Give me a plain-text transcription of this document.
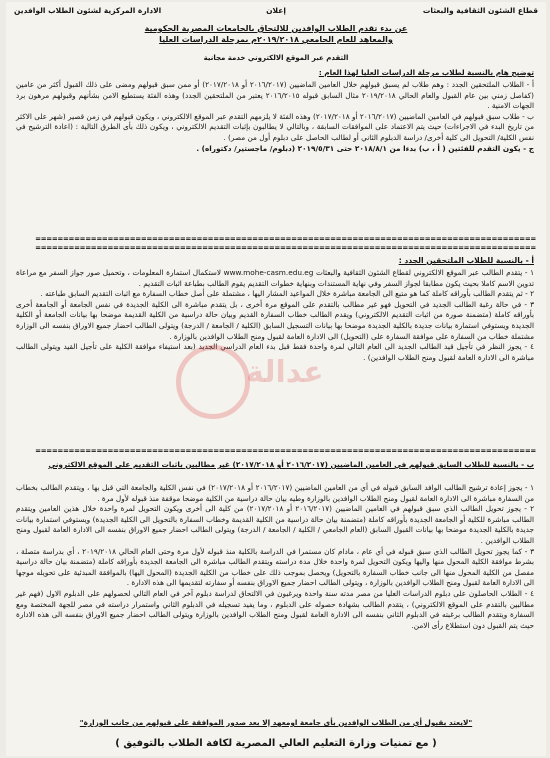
قطاع الشئون الثقافية والبعثات
إعلان
الادارة المركزية لشئون الطلاب الوافدين
عن بدء تقدم الطلاب الوافدين للالتحاق بالجامعات المصرية الحكومية
والمعاهد للعام الجامعي ٢٠١٩/٢٠١٨م بمرحلة الدراسات العليا
التقدم عبر الموقع الالكتروني خدمة مجانية
توضيح هام بالنسبة لطلاب مرحلة الدراسات العليا لهذا العام :

أ - الطلاب الملتحقين الجدد : وهم طلاب لم يسبق قبولهم خلال العامين الماضيين (٢٠١٦/٢٠١٧ أو ٢٠١٧/٢٠١٨) أو ممن سبق قبولهم ومضى على ذلك القبول أكثر من عامين (كفاصل زمني بين عام القبول والعام الحالي ٢٠١٩/٢٠١٨ مثال السابق قبوله ٢٠١٦/٢٠١٥ يعتبر من الملتحقين الجدد) وهذه الفئة يستطيع الامن بشأنهم وقبولهم مرهون برد الجهات الامنية .

ب - طلاب سبق قبولهم في العامين الماضيين (٢٠١٦/٢٠١٧ أو ٢٠١٧/٢٠١٨) وهذه الفئة لا يلزمهم التقدم عبر الموقع الالكتروني ، ويكون قبولهم في زمن قصير (شهر على الاكثر من تاريخ البدء في الاجراءات) حيث يتم الاعتماد على الموافقات السابقة ، وبالتالي لا يطالبون بإثبات التقديم الالكتروني ، ويكون ذلك بأى الطرق التالية : (اعادة الترشيح في نفس الكلية/ التحويل الى كلية أخرى/ دراسة الدبلوم الثاني أو لطالب الحاصل على دبلوم أول من مصر) .

ج - يكون التقدم للفئتين ( أ ، ب) بدءا من ٢٠١٨/٨/١ حتى ٢٠١٩/٥/٣١ (دبلوم/ ماجستير/ دكتوراه) .

==========================================================================================
==========================================================================================
أ - بالنسبة للطلاب الملتحقين الجدد :

١ - يتقدم الطالب عبر الموقع الالكتروني لقطاع الشئون الثقافية والبعثات www.mohe-casm.edu.eg لاستكمال استمارة المعلومات ، وتحميل صور جواز السفر مع مراعاة تدوين الاسم كاملا بحيث يكون مطابقا لجواز السفر وفي نهاية المستندات وبنهاية خطوات التقديم يقوم الطالب بطباعة اثبات التقديم .

٢ - ثم يتقدم الطالب بأوراقه كاملة كما هو متبع الى الجامعة مباشرة خلال المواعيد المشار اليها ، مشتملة على أصل خطاب السفارة مع اثبات التقديم السابق طباعته .

٣ - في حالة رغبة الطالب الجديد في التحويل فهو غير مطالب بالتقدم على الموقع مرة أخرى ، بل يتقدم مباشرة الى الكلية الجديدة في نفس الجامعة أو الجامعة أخرى بأوراقه كاملة (متضمنة صورة من اثبات التقديم الالكتروني) ويقدم الطالب خطاب السفارة القديم وبيان حالة دراسية من الكلية القديمة موضحا بها بيانات الجامعة أو الكلية الجديدة ويستوفي استمارة بيانات جديدة بالكلية الجديدة موضحا بها بيانات التسجيل السابق (الكلية / الجامعة / الدرجة) ويتولى الطالب احضار جميع الاوراق بنفسه الى الوزارة مشتملة خطاب من السفارة على موافقة السفارة على (التحويل) الى الادارة العامة لقبول ومنح الطلاب الوافدين بالوزارة .

٤ - يجوز النظر في تأجيل قيد الطالب الجديد الى العام التالي لمرة واحدة فقط قبل بدء العام الدراسي الجديد (بعد استيفاء موافقة الكلية على تأجيل القيد ويتولى الطالب مباشرة الى الادارة العامة لقبول ومنح الطلاب الوافدين) .

عدالة
==========================================================================================
ب - بالنسبة للطلاب السابق قبولهم في العامين الماضيين (٢٠١٦/٢٠١٧ أو ٢٠١٧/٢٠١٨) غير مطالبين باثبات التقديم على الموقع الالكتروني

١ - يجوز إعادة ترشيح الطالب الوافد السابق قبوله في أي من العامين الماضيين (٢٠١٦/٢٠١٧ أو ٢٠١٧/٢٠١٨) في نفس الكلية والجامعة التي قبل بها ، ويتقدم الطالب بخطاب من السفارة مباشرة الى الادارة العامة لقبول ومنح الطلاب الوافدين بالوزارة وطيه بيان حالة دراسية من الكلية موضحا موقفة منذ قبوله لأول مرة .

٢ - يجوز تحويل الطالب الذي سبق قبولهم في العامين الماضيين (٢٠١٦/٢٠١٧ أو ٢٠١٧/٢٠١٨) من كلية الى أخرى ويكون التحويل لمرة واحدة خلال هذين العامين ويتقدم الطالب مباشرة للكلية أو الجامعة الجديدة بأوراقه كاملة (متضمنة بيان حالة دراسية من الكلية القديمة وخطاب السفارة بالتحويل الى الكلية الجديدة) ويستوفي استمارة بيانات جديدة بالكلية الجديدة موضحا بها بيانات القبول السابق (العام الجامعي / الكلية / الجامعة / الدرجة) ويتولى الطالب احضار جميع الاوراق بنفسه الى الادارة العامة لقبول ومنح الطلاب الوافدين .

٣ - كما يجوز تحويل الطالب الذي سبق قبوله في أي عام ، مادام كان مستمرا في الدراسة بالكلية منذ قبوله لأول مرة وحتى العام الحالي ٢٠١٩/٢٠١٨ ، أي بدراسة متصلة ، بشرط موافقة الكلية المحول منها واليها ويكون التحويل لمرة واحدة خلال مدة دراسته ويتقدم الطالب مباشرة الى الجامعة الجديدة بأوراقه كاملة (متضمنة بيان حالة دراسية مفصل من الكلية المحول منها الى جانب خطاب السفارة بالتحويل) ويحصل بموجب ذلك على خطاب من الكلية الجديدة (المحول اليها) بالموافقة المبدئية على تحويله موجها الى الادارة العامة لقبول ومنح الطلاب الوافدين بالوزارة ، ويتولى الطالب احضار جميع الاوراق بنفسه أو سفارته لتقديمها الى هذه الادارة .

٤ - الطلاب الحاصلون على دبلوم الدراسات العليا من مصر مدته سنة واحدة ويرغبون في الالتحاق لدراسة دبلوم آخر في العام التالي لحصولهم على الدبلوم الاول (فهم غير مطالبين بالتقدم على الموقع الالكتروني) ، يتقدم الطالب بشهادة حصوله على الدبلوم ، وما يفيد تسجيله في الدبلوم الثاني واستمرار دراسته في مصر للجهة المختصة ومع السفارة ويتقدم الطالب برغبته في الدبلوم الثاني بنفسه الى الادارة العامة لقبول ومنح الطلاب الوافدين بالوزارة ويتولى الطالب احضار جميع الاوراق بنفسه الى هذه الادارة حيث يتم القبول دون استطلاع رأى الامن.

"لايعتد بقبول أي من الطلاب الوافدين بأى جامعة اومعهد إلا بعد صدور الموافقة على قبولهم من جانب الوزارة"
( مع تمنيات وزارة التعليم العالي المصرية لكافة الطلاب بالتوفيق )
